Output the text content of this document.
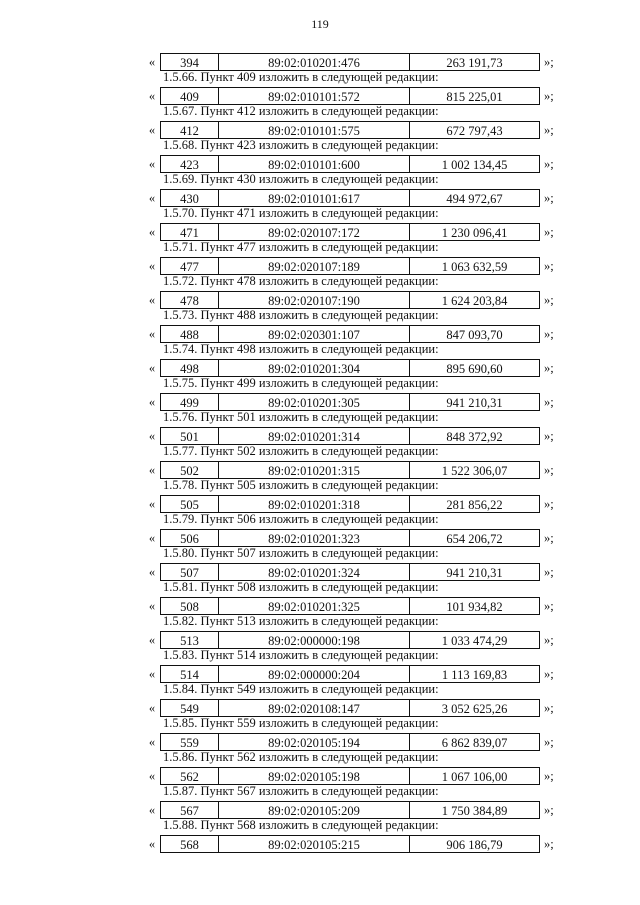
119
«	394	89:02:010201:476	263 191,73	»;
1.5.66. Пункт 409 изложить в следующей редакции:
«	409	89:02:010101:572	815 225,01	»;
1.5.67. Пункт 412 изложить в следующей редакции:
«	412	89:02:010101:575	672 797,43	»;
1.5.68. Пункт 423 изложить в следующей редакции:
«	423	89:02:010101:600	1 002 134,45	»;
1.5.69. Пункт 430 изложить в следующей редакции:
«	430	89:02:010101:617	494 972,67	»;
1.5.70. Пункт 471 изложить в следующей редакции:
«	471	89:02:020107:172	1 230 096,41	»;
1.5.71. Пункт 477 изложить в следующей редакции:
«	477	89:02:020107:189	1 063 632,59	»;
1.5.72. Пункт 478 изложить в следующей редакции:
«	478	89:02:020107:190	1 624 203,84	»;
1.5.73. Пункт 488 изложить в следующей редакции:
«	488	89:02:020301:107	847 093,70	»;
1.5.74. Пункт 498 изложить в следующей редакции:
«	498	89:02:010201:304	895 690,60	»;
1.5.75. Пункт 499 изложить в следующей редакции:
«	499	89:02:010201:305	941 210,31	»;
1.5.76. Пункт 501 изложить в следующей редакции:
«	501	89:02:010201:314	848 372,92	»;
1.5.77. Пункт 502 изложить в следующей редакции:
«	502	89:02:010201:315	1 522 306,07	»;
1.5.78. Пункт 505 изложить в следующей редакции:
«	505	89:02:010201:318	281 856,22	»;
1.5.79. Пункт 506 изложить в следующей редакции:
«	506	89:02:010201:323	654 206,72	»;
1.5.80. Пункт 507 изложить в следующей редакции:
«	507	89:02:010201:324	941 210,31	»;
1.5.81. Пункт 508 изложить в следующей редакции:
«	508	89:02:010201:325	101 934,82	»;
1.5.82. Пункт 513 изложить в следующей редакции:
«	513	89:02:000000:198	1 033 474,29	»;
1.5.83. Пункт 514 изложить в следующей редакции:
«	514	89:02:000000:204	1 113 169,83	»;
1.5.84. Пункт 549 изложить в следующей редакции:
«	549	89:02:020108:147	3 052 625,26	»;
1.5.85. Пункт 559 изложить в следующей редакции:
«	559	89:02:020105:194	6 862 839,07	»;
1.5.86. Пункт 562 изложить в следующей редакции:
«	562	89:02:020105:198	1 067 106,00	»;
1.5.87. Пункт 567 изложить в следующей редакции:
«	567	89:02:020105:209	1 750 384,89	»;
1.5.88. Пункт 568 изложить в следующей редакции:
«	568	89:02:020105:215	906 186,79	»;
